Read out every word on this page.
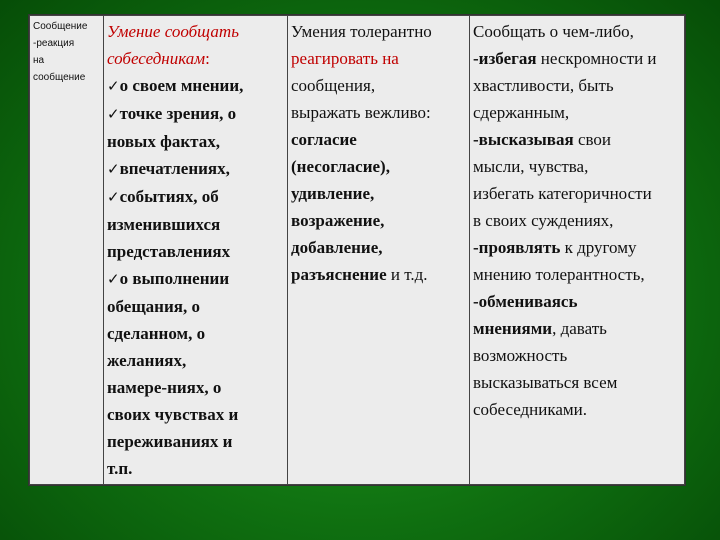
Сообщение
-реакция
на
сообщение

Умение сообщать
собеседникам:
✓о своем мнении,
✓точке зрения, о
новых фактах,
✓впечатлениях,
✓событиях, об
изменившихся
представлениях
✓о выполнении
обещания, о
сделанном, о
желаниях,
намере-ниях, о
своих чувствах и
переживаниях и
т.п.

Умения толерантно
реагировать на
сообщения,
выражать вежливо:
согласие
(несогласие),
удивление,
возражение,
добавление,
разъяснение и т.д.

Сообщать о чем-либо,
-избегая нескромности и
хвастливости, быть
сдержанным,
-высказывая свои
мысли, чувства,
избегать категоричности
в своих суждениях,
-проявлять к другому
мнению толерантность,
-обмениваясь
мнениями, давать
возможность
высказываться всем
собеседниками.
